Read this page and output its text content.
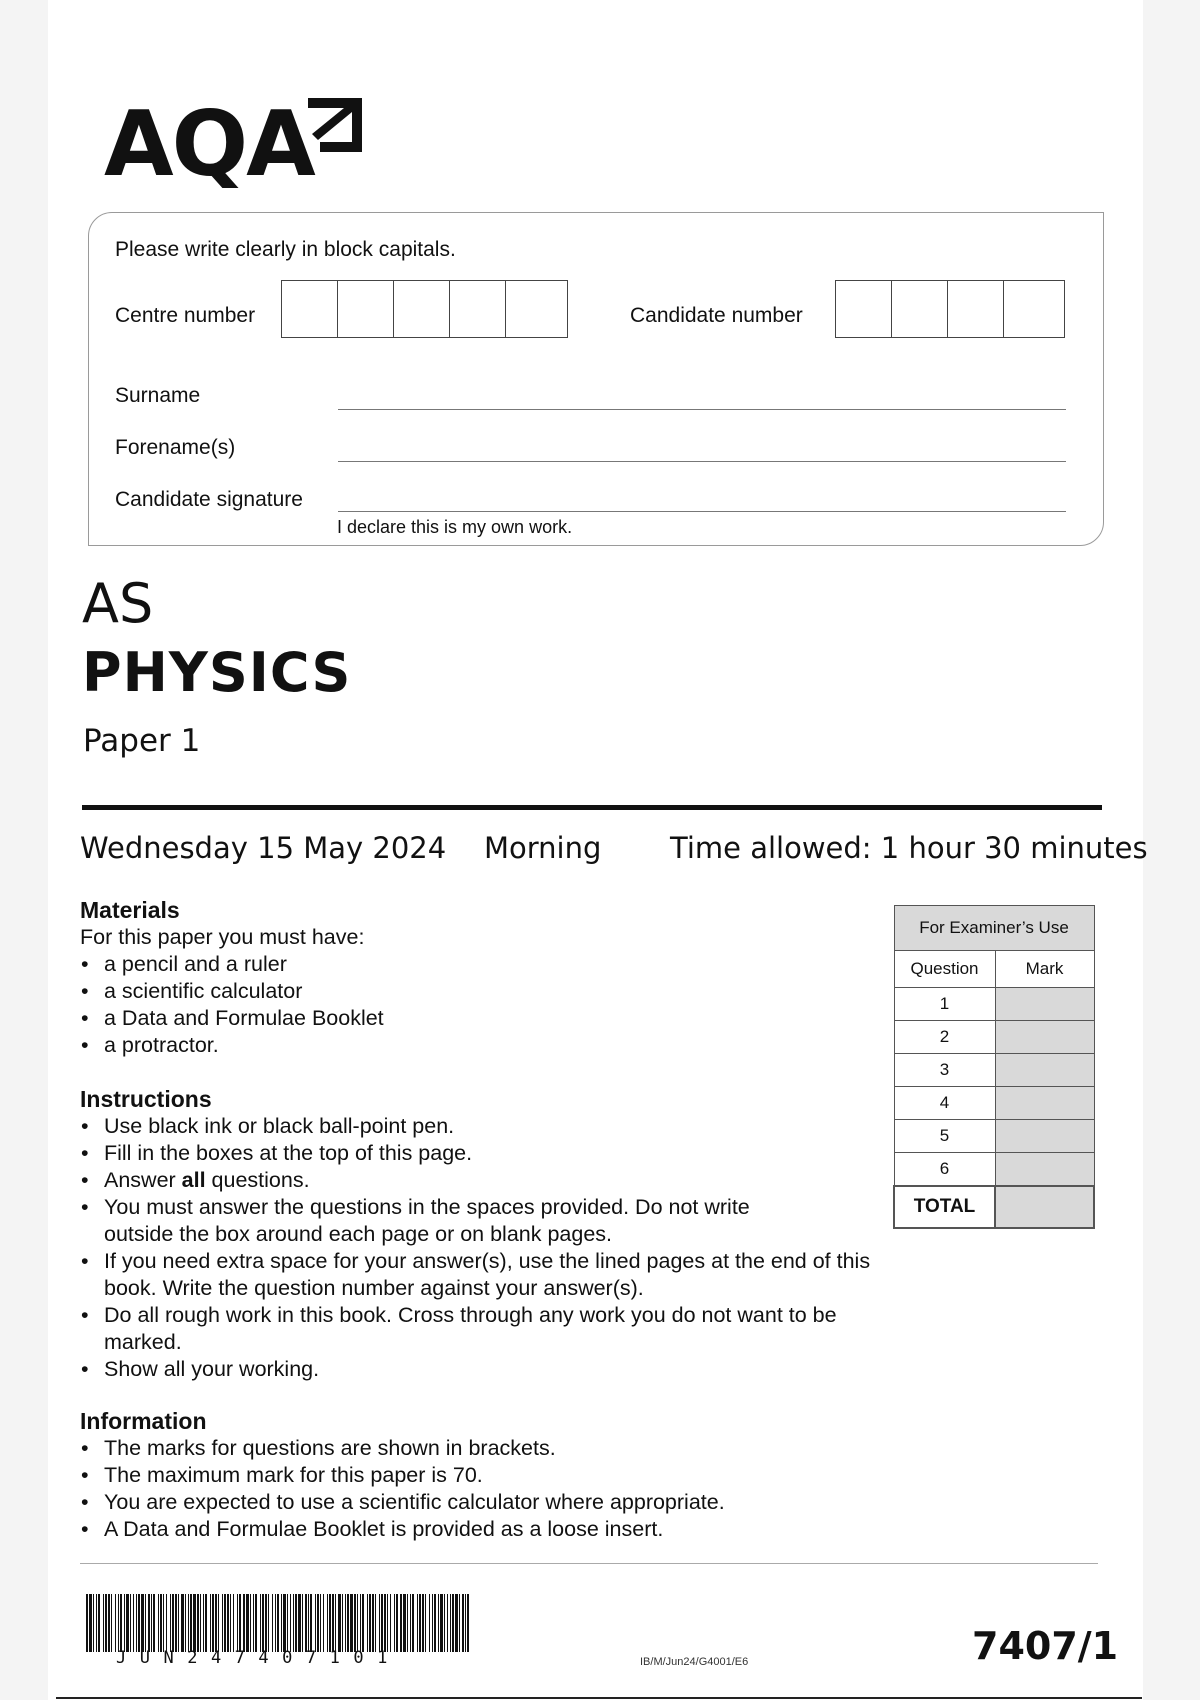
AQA
Please write clearly in block capitals.
Centre number	Candidate number
Surname
Forename(s)
Candidate signature
I declare this is my own work.
AS
PHYSICS
Paper 1
Wednesday 15 May 2024 Morning Time allowed: 1 hour 30 minutes
Materials
For this paper you must have:
• a pencil and a ruler
• a scientific calculator
• a Data and Formulae Booklet
• a protractor.
Instructions
• Use black ink or black ball-point pen.
• Fill in the boxes at the top of this page.
• Answer all questions.
• You must answer the questions in the spaces provided. Do not write outside the box around each page or on blank pages.
• If you need extra space for your answer(s), use the lined pages at the end of this book. Write the question number against your answer(s).
• Do all rough work in this book. Cross through any work you do not want to be marked.
• Show all your working.
Information
• The marks for questions are shown in brackets.
• The maximum mark for this paper is 70.
• You are expected to use a scientific calculator where appropriate.
• A Data and Formulae Booklet is provided as a loose insert.
For Examiner’s Use	
Question	Mark
1	
2	
3	
4	
5	
6	
TOTAL	
JUN247407101	IB/M/Jun24/G4001/E6	7407/1
